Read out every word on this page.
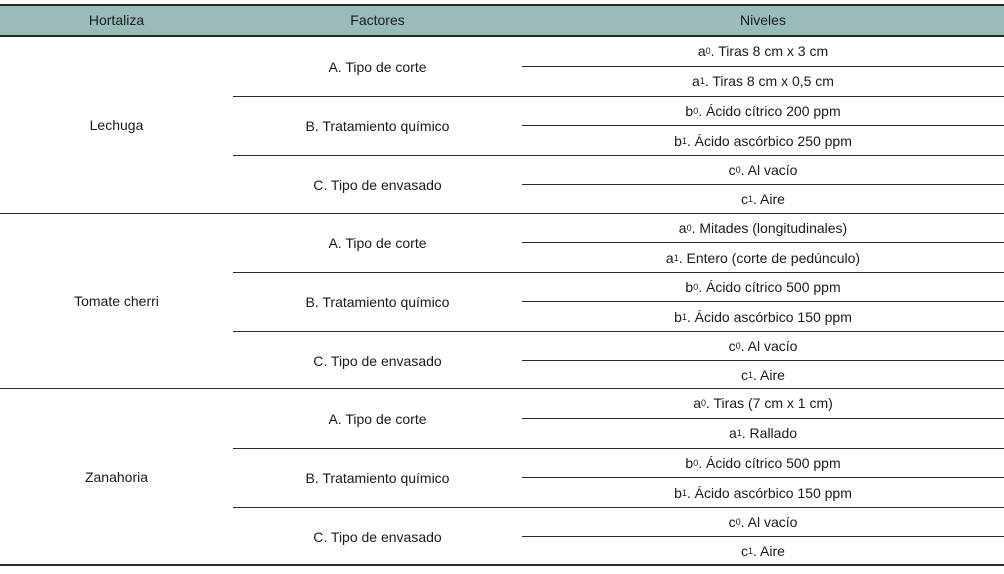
Hortaliza	Factores	Niveles
Lechuga
A. Tipo de corte
a 0 . Tiras 8 cm x 3 cm
a 1 . Tiras 8 cm x 0,5 cm
B. Tratamiento químico
b 0 . Ácido cítrico 200 ppm
b 1 . Ácido ascórbico 250 ppm
C. Tipo de envasado
c 0 . Al vacío
c 1 . Aire
Tomate cherri
A. Tipo de corte
a 0 . Mitades (longitudinales)
a 1 . Entero (corte de pedúnculo)
B. Tratamiento químico
b 0 . Ácido cítrico 500 ppm
b 1 . Ácido ascórbico 150 ppm
C. Tipo de envasado
c 0 . Al vacío
c 1 . Aire
Zanahoria
A. Tipo de corte
a 0 . Tiras (7 cm x 1 cm)
a 1 . Rallado
B. Tratamiento químico
b 0 . Ácido cítrico 500 ppm
b 1 . Ácido ascórbico 150 ppm
C. Tipo de envasado
c 0 . Al vacío
c 1 . Aire
